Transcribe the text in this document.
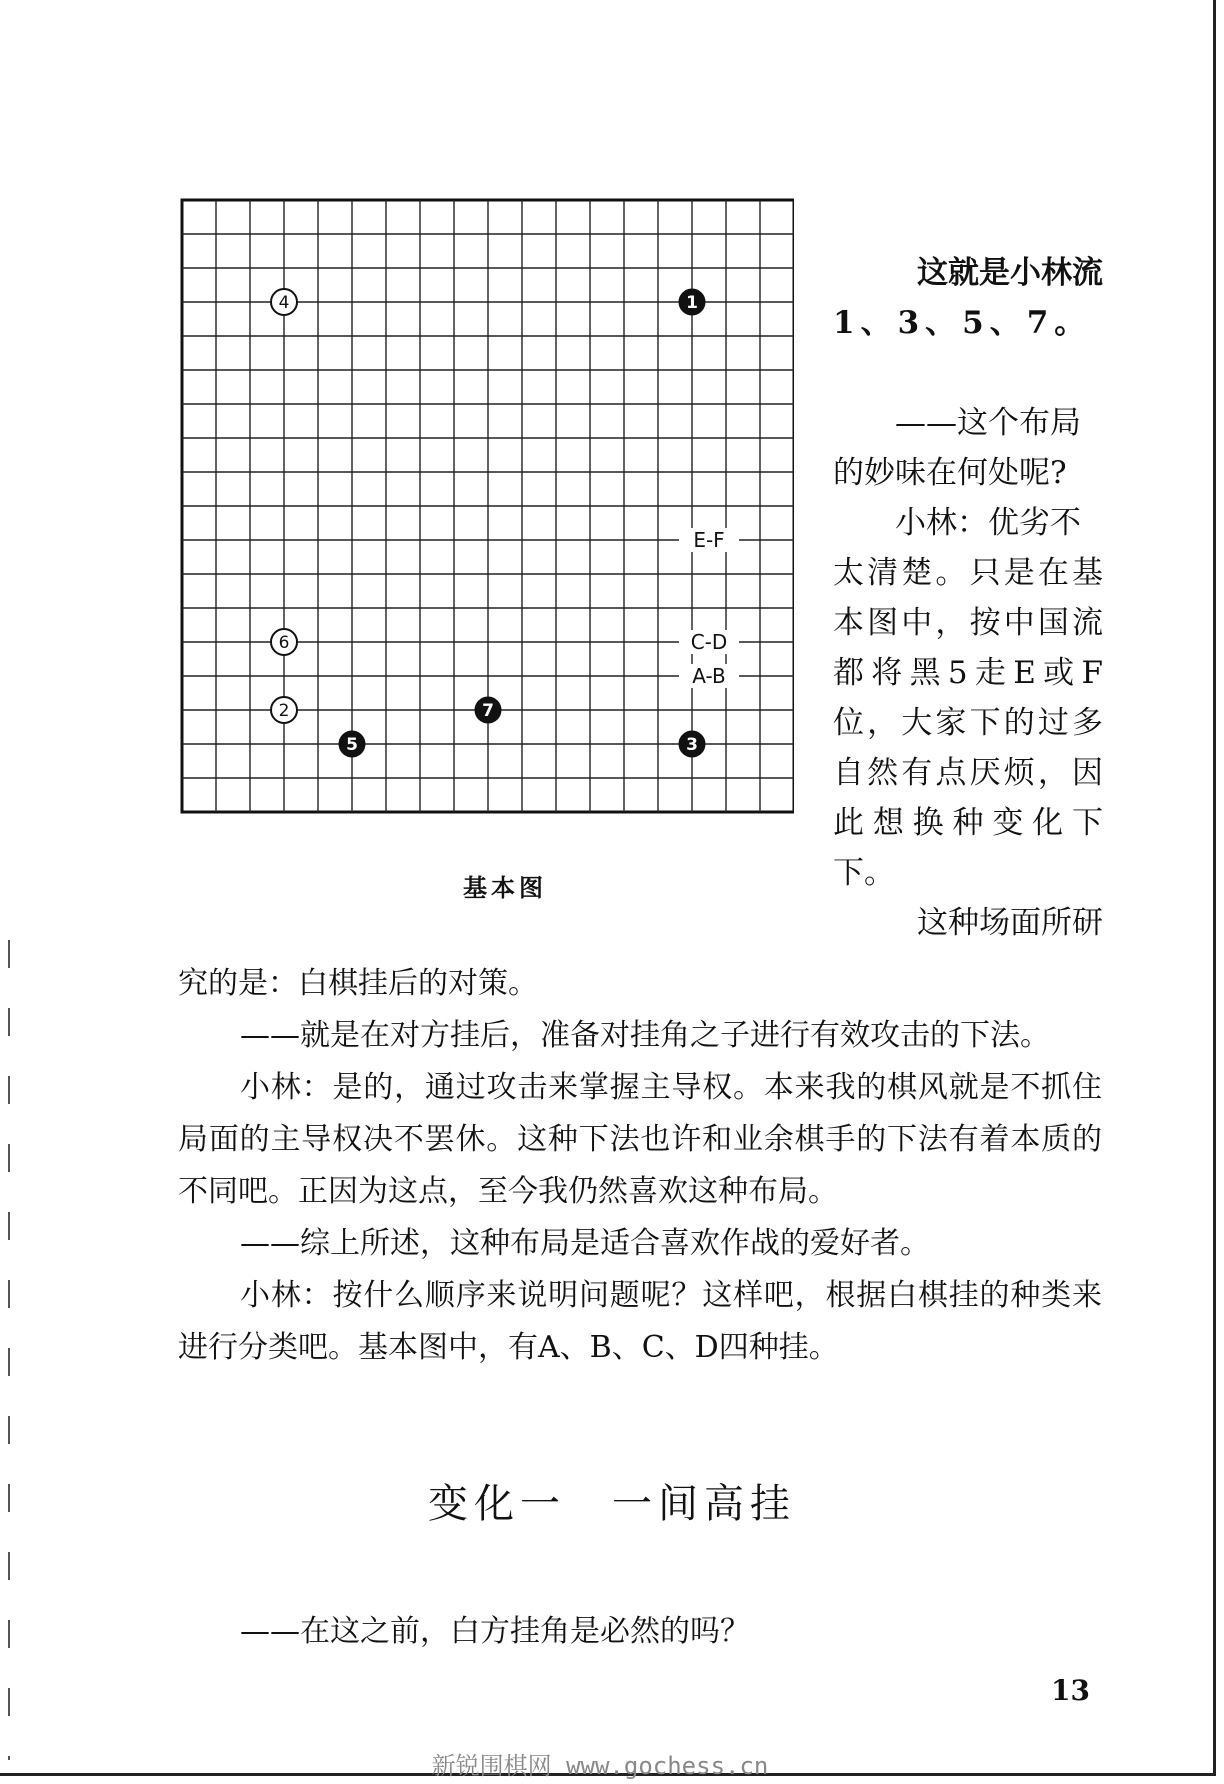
E-F
C-D
A-B
1
3
5
7
4
6
2
基本图

这就是小林流

1、3、5、7。

——这个布局

的妙味在何处呢?

小林：优劣不

太清楚。只是在基

本图中，按中国流

都将黑5走E或F

位，大家下的过多

自然有点厌烦，因

此想换种变化下

下。

这种场面所研

究的是：白棋挂后的对策。

——就是在对方挂后，准备对挂角之子进行有效攻击的下法。

小林：是的，通过攻击来掌握主导权。本来我的棋风就是不抓住局面的主导权决不罢休。这种下法也许和业余棋手的下法有着本质的不同吧。正因为这点，至今我仍然喜欢这种布局。

——综上所述，这种布局是适合喜欢作战的爱好者。

小林：按什么顺序来说明问题呢？这样吧，根据白棋挂的种类来进行分类吧。基本图中，有A、B、C、D四种挂。

变化一　一间高挂
——在这之前，白方挂角是必然的吗？
13
新锐围棋网 www.gochess.cn
